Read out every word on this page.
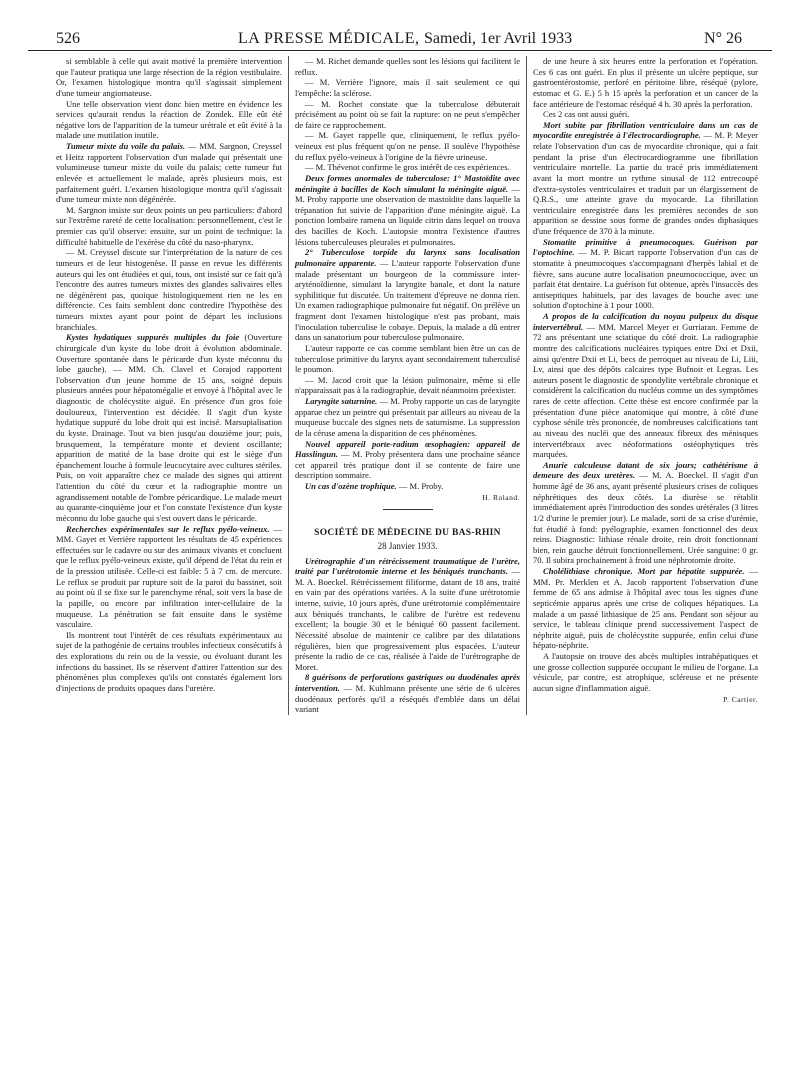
526	LA PRESSE MÉDICALE, Samedi, 1er Avril 1933	N° 26

si semblable à celle qui avait motivé la première intervention que l'auteur pratiqua une large résection de la région vestibulaire. Or, l'examen histologique montra qu'il s'agissait simplement d'une tumeur angiomateuse.

Une telle observation vient donc bien mettre en évidence les services qu'aurait rendus la réaction de Zondek. Elle eût été négative lors de l'apparition de la tumeur urétrale et eût évité à la malade une mutilation inutile.

Tumeur mixte du voile du palais. — MM. Sargnon, Creyssel et Heitz rapportent l'observation d'un malade qui présentait une volumineuse tumeur mixte du voile du palais; cette tumeur fut enlevée et actuellement le malade, après plusieurs mois, est parfaitement guéri. L'examen histologique montra qu'il s'agissait d'une tumeur mixte non dégénérée.

M. Sargnon insiste sur deux points un peu particuliers: d'abord sur l'extrême rareté de cette localisation: personnellement, c'est le premier cas qu'il observe: ensuite, sur un point de technique: la difficulté habituelle de l'exérèse du côté du naso-pharynx.

— M. Creyssel discute sur l'interprétation de la nature de ces tumeurs et de leur histogenèse. Il passe en revue les différents auteurs qui les ont étudiées et qui, tous, ont insisté sur ce fait qu'à l'encontre des autres tumeurs mixtes des glandes salivaires elles ne dégénèrent pas, quoique histologiquement rien ne les en différencie. Ces faits semblent donc contredire l'hypothèse des tumeurs mixtes ayant pour point de départ les inclusions branchiales.

Kystes hydatiques suppurés multiples du foie (Ouverture chirurgicale d'un kyste du lobe droit à évolution abdominale. Ouverture spontanée dans le péricarde d'un kyste méconnu du lobe gauche). — MM. Ch. Clavel et Corajod rapportent l'observation d'un jeune homme de 15 ans, soigné depuis plusieurs années pour hépatomégalie et envoyé à l'hôpital avec le diagnostic de cholécystite aiguë. En présence d'un gros foie douloureux, l'intervention est décidée. Il s'agit d'un kyste hydatique suppuré du lobe droit qui est incisé. Marsupialisation du kyste. Drainage. Tout va bien jusqu'au douzième jour; puis, brusquement, la température monte et devient oscillante; apparition de matité de la base droite qui est le siège d'un épanchement louche à formule leucocytaire avec cultures stériles. Puis, on voit apparaître chez ce malade des signes qui attirent l'attention du côté du cœur et la radiographie montre un agrandissement notable de l'ombre péricardique. Le malade meurt au quarante-cinquième jour et l'on constate l'existence d'un kyste méconnu du lobe gauche qui s'est ouvert dans le péricarde.

Recherches expérimentales sur le reflux pyélo-veineux. — MM. Gayet et Verrière rapportent les résultats de 45 expériences effectuées sur le cadavre ou sur des animaux vivants et concluent que le reflux pyélo-veineux existe, qu'il dépend de l'état du rein et de la pression utilisée. Celle-ci est faible: 5 à 7 cm. de mercure. Le reflux se produit par rupture soit de la paroi du bassinet, soit au point où il se fixe sur le parenchyme rénal, soit vers la base de la papille, ou encore par infiltration inter-cellulaire de la muqueuse. La pénétration se fait ensuite dans le système vasculaire.

Ils montrent tout l'intérêt de ces résultats expérimentaux au sujet de la pathogénie de certains troubles infectieux consécutifs à des explorations du rein ou de la vessie, ou évoluant durant les infections du bassinet. Ils se réservent d'attirer l'attention sur des phénomènes plus complexes qu'ils ont constatés également lors d'injections de produits opaques dans l'uretère.

— M. Richet demande quelles sont les lésions qui facilitent le reflux.

— M. Verrière l'ignore, mais il sait seulement ce qui l'empêche: la sclérose.

— M. Rochet constate que la tuberculose débuterait précisément au point où se fait la rupture: on ne peut s'empêcher de faire ce rapprochement.

— M. Gayet rappelle que, cliniquement, le reflux pyélo-veineux est plus fréquent qu'on ne pense. Il soulève l'hypothèse du reflux pyélo-veineux à l'origine de la fièvre urineuse.

— M. Thévenot confirme le gros intérêt de ces expériences.

Deux formes anormales de tuberculose: 1° Mastoïdite avec méningite à bacilles de Koch simulant la méningite aiguë. — M. Proby rapporte une observation de mastoïdite dans laquelle la trépanation fut suivie de l'apparition d'une méningite aiguë. La ponction lombaire ramena un liquide citrin dans lequel on trouva des bacilles de Koch. L'autopsie montra l'existence d'autres lésions tuberculeuses pleurales et pulmonaires.

2° Tuberculose torpide du larynx sans localisation pulmonaire apparente. — L'auteur rapporte l'observation d'une malade présentant un bourgeon de la commissure inter-aryténoïdienne, simulant la laryngite banale, et dont la nature syphilitique fut discutée. Un traitement d'épreuve ne donna rien. Un examen radiographique pulmonaire fut négatif. On prélève un fragment dont l'examen histologique n'est pas probant, mais l'inoculation tuberculise le cobaye. Depuis, la malade a dû entrer dans un sanatorium pour tuberculose pulmonaire.

L'auteur rapporte ce cas comme semblant bien être un cas de tuberculose primitive du larynx ayant secondairement tuberculisé le poumon.

— M. Jacod croit que la lésion pulmonaire, même si elle n'apparaissait pas à la radiographie, devait néanmoins préexister.

Laryngite saturnine. — M. Proby rapporte un cas de laryngite apparue chez un peintre qui présentait par ailleurs au niveau de la muqueuse buccale des signes nets de saturnisme. La suppression de la céruse amena la disparition de ces phénomènes.

Nouvel appareil porte-radium œsophagien: appareil de Hasslingun. — M. Proby présentera dans une prochaine séance cet appareil très pratique dont il se contente de faire une description sommaire.

Un cas d'ozène trophique. — M. Proby.

H. Roland.

SOCIÉTÉ DE MÉDECINE DU BAS-RHIN

28 Janvier 1933.

Urétrographie d'un rétrécissement traumatique de l'urètre, traité par l'urétrotomie interne et les béniqués tranchants. — M. A. Boeckel. Rétrécissement filiforme, datant de 18 ans, traité en vain par des opérations variées. A la suite d'une urétrotomie interne, suivie, 10 jours après, d'une urétrotomie complémentaire aux béniqués tranchants, le calibre de l'urètre est redevenu excellent; la bougie 30 et le béniqué 60 passent facilement. Nécessité absolue de maintenir ce calibre par des dilatations régulières, bien que progressivement plus espacées. L'auteur présente la radio de ce cas, réalisée à l'aide de l'urétrographe de Moret.

8 guérisons de perforations gastriques ou duodénales après intervention. — M. Kuhlmann présente une série de 6 ulcères duodénaux perforés qu'il a réséqués d'emblée dans un délai variant

de une heure à six heures entre la perforation et l'opération. Ces 6 cas ont guéri. En plus il présente un ulcère peptique, sur gastroentérostomie, perforé en péritoine libre, réséqué (pylore, estomac et G. E.) 5 h 15 après la perforation et un cancer de la face antérieure de l'estomac réséqué 4 h. 30 après la perforation.

Ces 2 cas ont aussi guéri.

Mort subite par fibrillation ventriculaire dans un cas de myocardite enregistrée à l'électrocardiographe. — M. P. Meyer relate l'observation d'un cas de myocardite chronique, qui a fait pendant la prise d'un électrocardiogramme une fibrillation ventriculaire mortelle. La partie du tracé pris immédiatement avant la mort montre un rythme sinusal de 112 entrecoupé d'extra-systoles ventriculaires et traduit par un élargissement de Q.R.S., une atteinte grave du myocarde. La fibrillation ventriculaire enregistrée dans les premières secondes de son apparition se dessine sous forme de grandes ondes diphasiques d'une fréquence de 370 à la minute.

Stomatite primitive à pneumocoques. Guérison par l'optochine. — M. P. Bicart rapporte l'observation d'un cas de stomatite à pneumocoques s'accompagnant d'herpès labial et de fièvre, sans aucune autre localisation pneumococcique, avec un parfait état dentaire. La guérison fut obtenue, après l'insuccès des antiseptiques habituels, par des lavages de bouche avec une solution d'optochine à 1 pour 1000.

A propos de la calcification du noyau pulpeux du disque intervertébral. — MM. Marcel Meyer et Gurriaran. Femme de 72 ans présentant une sciatique du côté droit. La radiographie montre des calcifications nucléaires typiques entre Dxi et Dxii, ainsi qu'entre Dxii et Li, becs de perroquet au niveau de Li, Liii, Lv, ainsi que des dépôts calcaires type Bufnoir et Legras. Les auteurs posent le diagnostic de spondylite vertébrale chronique et considèrent la calcification du nucléus comme un des symptômes rares de cette affection. Cette thèse est encore confirmée par la présentation d'une pièce anatomique qui montre, à côté d'une cyphose sénile très prononcée, de nombreuses calcifications tant au niveau des nucléi que des anneaux fibreux des ménisques intervertébraux avec néoformations ostéophytiques très marquées.

Anurie calculeuse datant de six jours; cathétérisme à demeure des deux uretères. — M. A. Boeckel. Il s'agit d'un homme âgé de 36 ans, ayant présenté plusieurs crises de coliques néphrétiques des deux côtés. La diurèse se rétablit immédiatement après l'introduction des sondes urétérales (3 litres 1/2 d'urine le premier jour). Le malade, sorti de sa crise d'urémie, fut étudié à fond: pyélographie, examen fonctionnel des deux reins. Diagnostic: lithiase rénale droite, rein droit fonctionnant bien, rein gauche détruit fonctionnellement. Urée sanguine: 0 gr. 70. Il subira prochainement à froid une néphrotomie droite.

Cholélithiase chronique. Mort par hépatite suppurée. — MM. Pr. Merklen et A. Jacob rapportent l'observation d'une femme de 65 ans admise à l'hôpital avec tous les signes d'une septicémie apparus après une crise de coliques hépatiques. La malade a un passé lithiasique de 25 ans. Pendant son séjour au service, le tableau clinique prend successivement l'aspect de néphrite aiguë, puis de cholécystite suppurée, enfin celui d'une hépato-néphrite.

A l'autopsie on trouve des abcès multiples intrahépatiques et une grosse collection suppurée occupant le milieu de l'organe. La vésicule, par contre, est atrophique, scléreuse et ne présente aucun signe d'inflammation aiguë.

P. Cartier.
